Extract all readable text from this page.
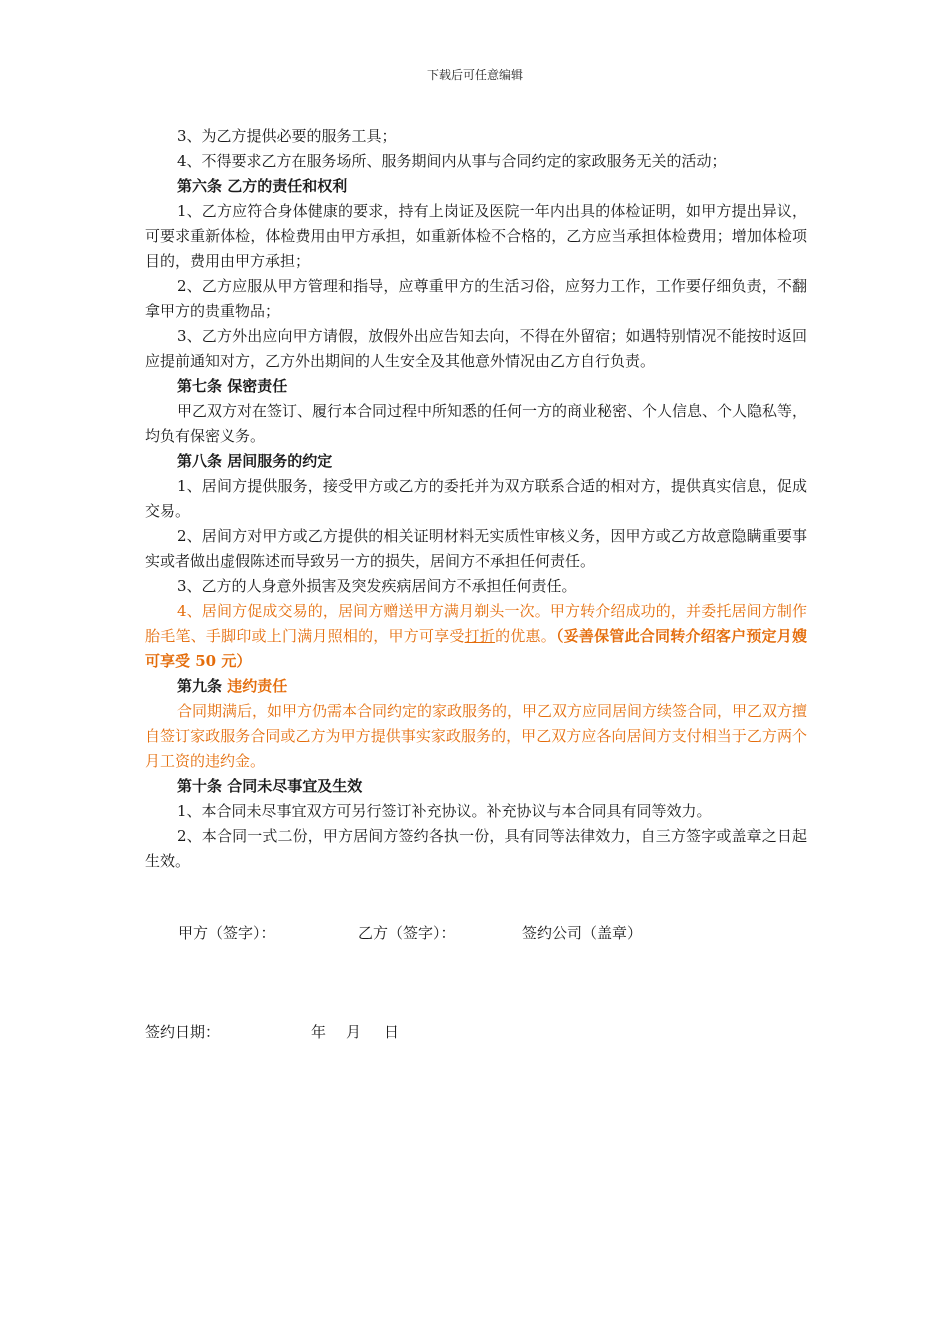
下载后可任意编辑

3、为乙方提供必要的服务工具；

4、不得要求乙方在服务场所、服务期间内从事与合同约定的家政服务无关的活动；

第六条 乙方的责任和权利

1、乙方应符合身体健康的要求，持有上岗证及医院一年内出具的体检证明，如甲方提出异议，可要求重新体检，体检费用由甲方承担，如重新体检不合格的，乙方应当承担体检费用；增加体检项目的，费用由甲方承担；

2、乙方应服从甲方管理和指导，应尊重甲方的生活习俗，应努力工作，工作要仔细负责，不翻拿甲方的贵重物品；

3、乙方外出应向甲方请假，放假外出应告知去向，不得在外留宿；如遇特别情况不能按时返回应提前通知对方，乙方外出期间的人生安全及其他意外情况由乙方自行负责。

第七条 保密责任

甲乙双方对在签订、履行本合同过程中所知悉的任何一方的商业秘密、个人信息、个人隐私等，均负有保密义务。

第八条 居间服务的约定

1、居间方提供服务，接受甲方或乙方的委托并为双方联系合适的相对方，提供真实信息，促成交易。

2、居间方对甲方或乙方提供的相关证明材料无实质性审核义务，因甲方或乙方故意隐瞒重要事实或者做出虚假陈述而导致另一方的损失，居间方不承担任何责任。

3、乙方的人身意外损害及突发疾病居间方不承担任何责任。

4、居间方促成交易的，居间方赠送甲方满月剃头一次。甲方转介绍成功的，并委托居间方制作胎毛笔、手脚印或上门满月照相的，甲方可享受打折的优惠。（妥善保管此合同转介绍客户预定月嫂可享受 50 元）

第九条 违约责任

合同期满后，如甲方仍需本合同约定的家政服务的，甲乙双方应同居间方续签合同，甲乙双方擅自签订家政服务合同或乙方为甲方提供事实家政服务的，甲乙双方应各向居间方支付相当于乙方两个月工资的违约金。

第十条 合同未尽事宜及生效

1、本合同未尽事宜双方可另行签订补充协议。补充协议与本合同具有同等效力。

2、本合同一式二份，甲方居间方签约各执一份，具有同等法律效力，自三方签字或盖章之日起生效。

甲方（签字）：	乙方（签字）：	签约公司（盖章）
签约日期：	年 月 日
